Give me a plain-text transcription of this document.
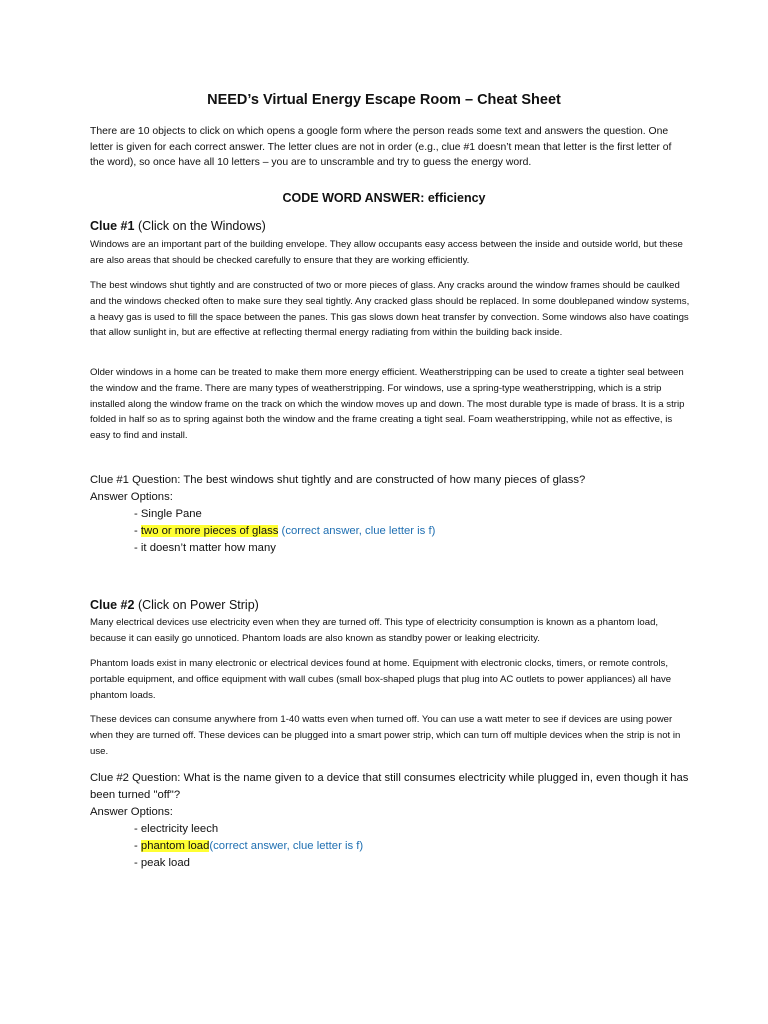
NEED’s Virtual Energy Escape Room – Cheat Sheet

There are 10 objects to click on which opens a google form where the person reads some text and answers the question. One letter is given for each correct answer. The letter clues are not in order (e.g., clue #1 doesn’t mean that letter is the first letter of the word), so once have all 10 letters – you are to unscramble and try to guess the energy word.

CODE WORD ANSWER: efficiency

Clue #1 (Click on the Windows)

Windows are an important part of the building envelope. They allow occupants easy access between the inside and outside world, but these are also areas that should be checked carefully to ensure that they are working efficiently.

The best windows shut tightly and are constructed of two or more pieces of glass. Any cracks around the window frames should be caulked and the windows checked often to make sure they seal tightly. Any cracked glass should be replaced. In some doublepaned window systems, a heavy gas is used to fill the space between the panes. This gas slows down heat transfer by convection. Some windows also have coatings that allow sunlight in, but are effective at reflecting thermal energy radiating from within the building back inside.

Older windows in a home can be treated to make them more energy efficient. Weatherstripping can be used to create a tighter seal between the window and the frame. There are many types of weatherstripping. For windows, use a spring-type weatherstripping, which is a strip installed along the window frame on the track on which the window moves up and down. The most durable type is made of brass. It is a strip folded in half so as to spring against both the window and the frame creating a tight seal. Foam weatherstripping, while not as effective, is easy to find and install.

Clue #1 Question: The best windows shut tightly and are constructed of how many pieces of glass?

Answer Options:

- Single Pane

- two or more pieces of glass (correct answer, clue letter is f)

- it doesn’t matter how many

Clue #2 (Click on Power Strip)

Many electrical devices use electricity even when they are turned off. This type of electricity consumption is known as a phantom load, because it can easily go unnoticed. Phantom loads are also known as standby power or leaking electricity.

Phantom loads exist in many electronic or electrical devices found at home. Equipment with electronic clocks, timers, or remote controls, portable equipment, and office equipment with wall cubes (small box-shaped plugs that plug into AC outlets to power appliances) all have phantom loads.

These devices can consume anywhere from 1-40 watts even when turned off. You can use a watt meter to see if devices are using power when they are turned off. These devices can be plugged into a smart power strip, which can turn off multiple devices when the strip is not in use.

Clue #2 Question: What is the name given to a device that still consumes electricity while plugged in, even though it has been turned "off"?

Answer Options:

- electricity leech

- phantom load(correct answer, clue letter is f)

- peak load
